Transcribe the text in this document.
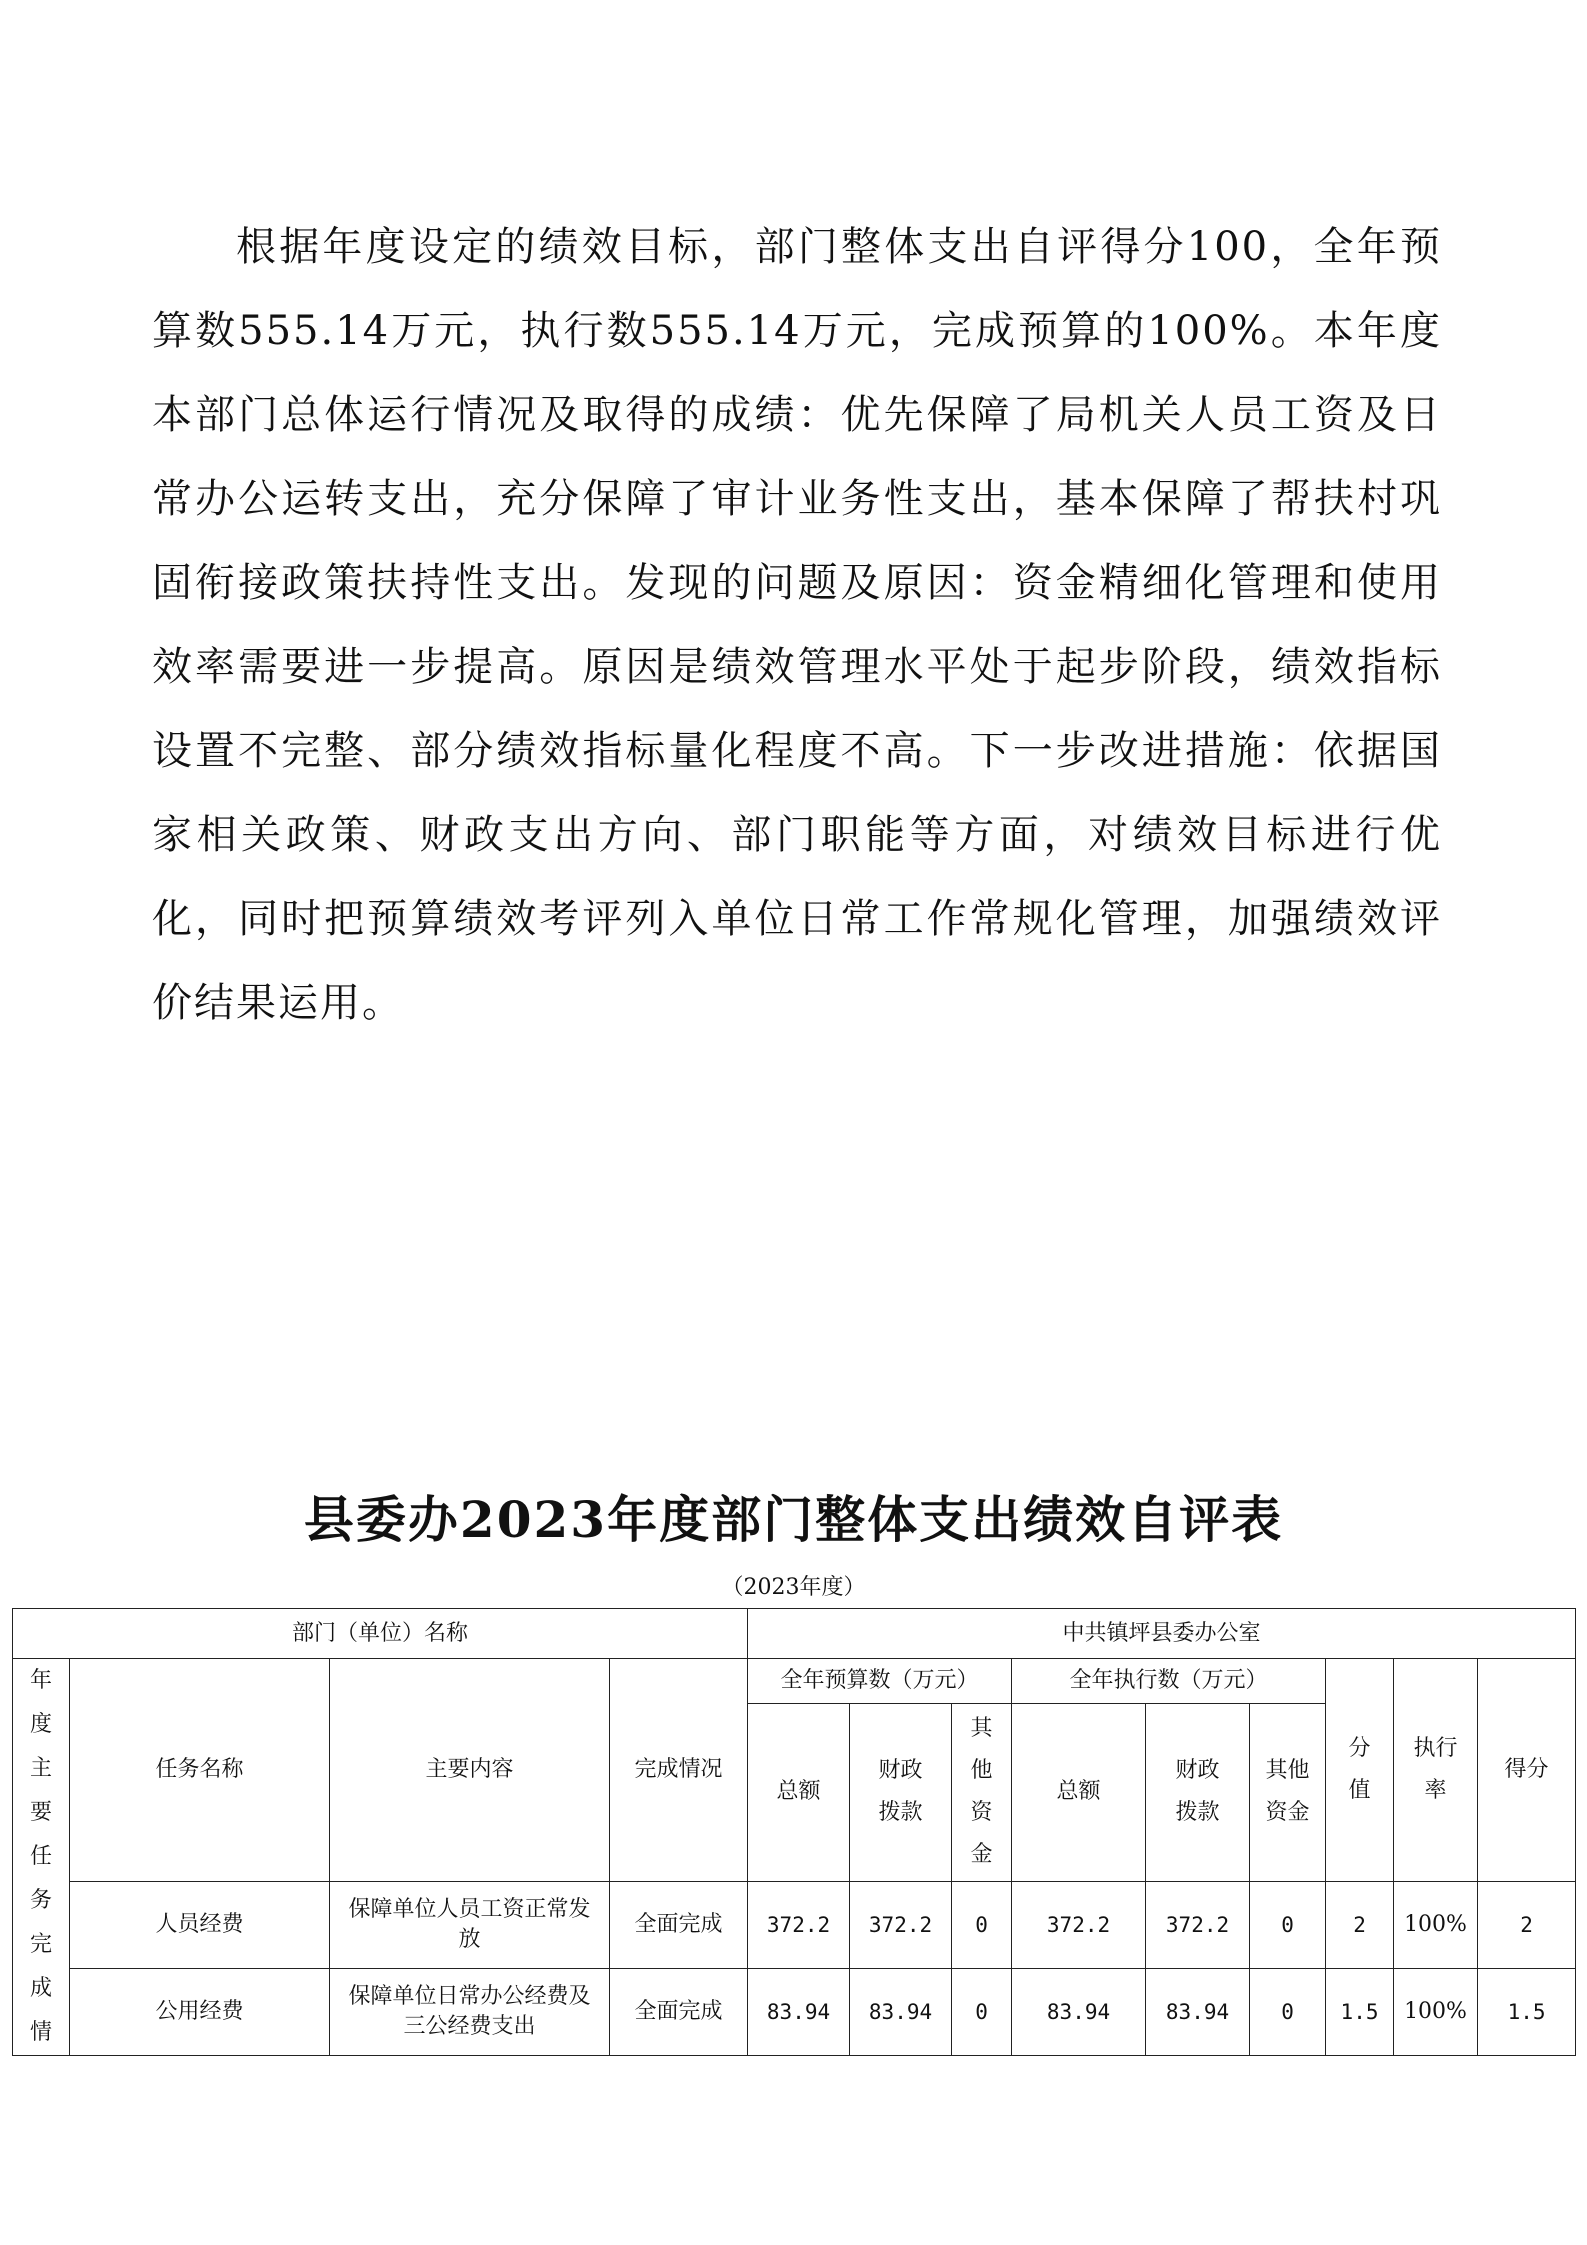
根据年度设定的绩效目标，部门整体支出自评得分100，全年预算数555.14万元，执行数555.14万元，完成预算的100%。本年度本部门总体运行情况及取得的成绩：优先保障了局机关人员工资及日常办公运转支出，充分保障了审计业务性支出，基本保障了帮扶村巩固衔接政策扶持性支出。发现的问题及原因：资金精细化管理和使用效率需要进一步提高。原因是绩效管理水平处于起步阶段，绩效指标设置不完整、部分绩效指标量化程度不高。下一步改进措施：依据国家相关政策、财政支出方向、部门职能等方面，对绩效目标进行优化，同时把预算绩效考评列入单位日常工作常规化管理，加强绩效评价结果运用。

县委办2023年度部门整体支出绩效自评表

（2023年度）

部门（单位）名称				中共镇坪县委办公室								
年度主要任务完成情	任务名称	主要内容	完成情况	全年预算数（万元）			全年执行数（万元）			分值	执行率	得分
				总额	财政拨款	其他资金	总额	财政拨款	其他资金			
	人员经费	保障单位人员工资正常发放	全面完成	372.2	372.2	0	372.2	372.2	0	2	100%	2
	公用经费	保障单位日常办公经费及三公经费支出	全面完成	83.94	83.94	0	83.94	83.94	0	1.5	100%	1.5
